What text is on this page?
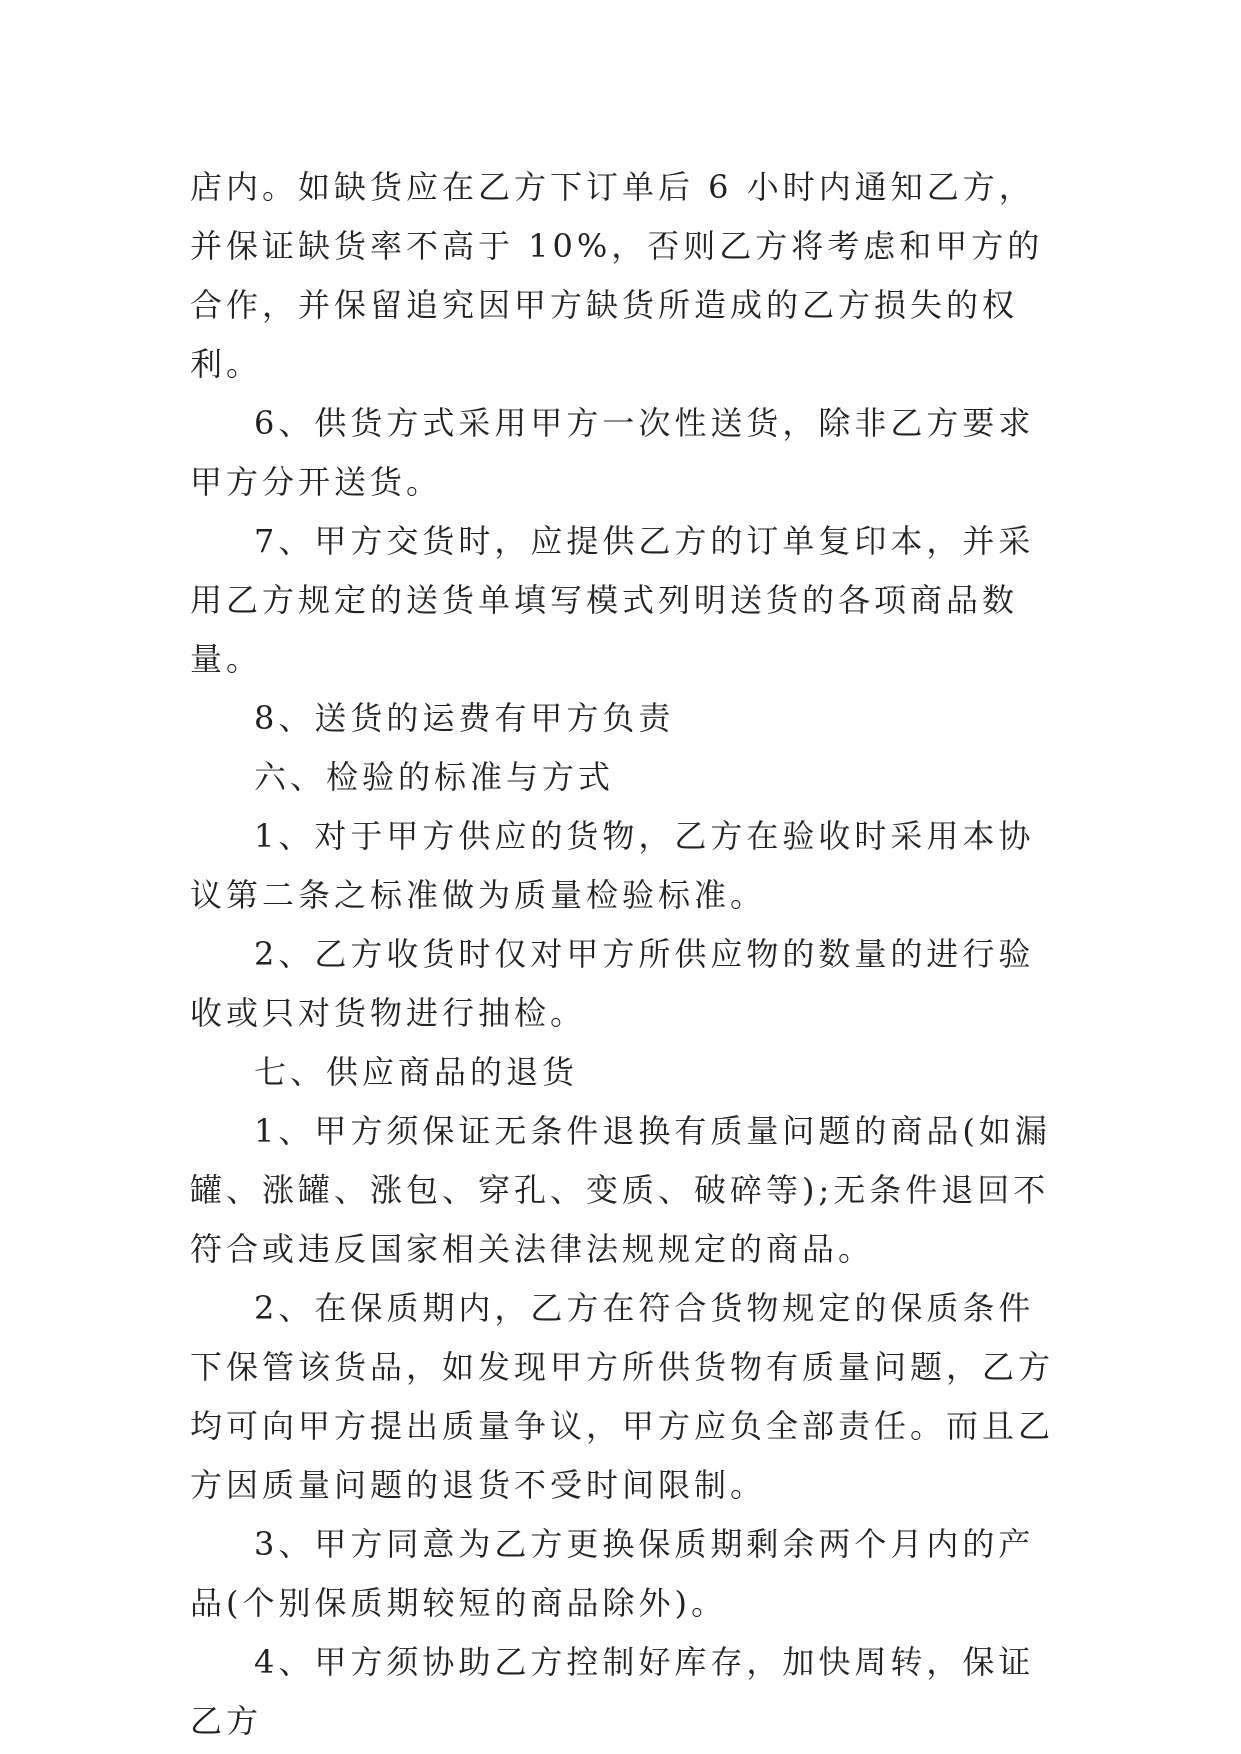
店内。如缺货应在乙方下订单后 6 小时内通知乙方，并保证缺货率不高于 10%，否则乙方将考虑和甲方的合作，并保留追究因甲方缺货所造成的乙方损失的权利。

6、供货方式采用甲方一次性送货，除非乙方要求甲方分开送货。

7、甲方交货时，应提供乙方的订单复印本，并采用乙方规定的送货单填写模式列明送货的各项商品数量。

8、送货的运费有甲方负责

六、检验的标准与方式

1、对于甲方供应的货物，乙方在验收时采用本协议第二条之标准做为质量检验标准。

2、乙方收货时仅对甲方所供应物的数量的进行验收或只对货物进行抽检。

七、供应商品的退货

1、甲方须保证无条件退换有质量问题的商品(如漏罐、涨罐、涨包、穿孔、变质、破碎等);无条件退回不符合或违反国家相关法律法规规定的商品。

2、在保质期内，乙方在符合货物规定的保质条件下保管该货品，如发现甲方所供货物有质量问题，乙方均可向甲方提出质量争议，甲方应负全部责任。而且乙方因质量问题的退货不受时间限制。

3、甲方同意为乙方更换保质期剩余两个月内的产品(个别保质期较短的商品除外)。

4、甲方须协助乙方控制好库存，加快周转，保证乙方
